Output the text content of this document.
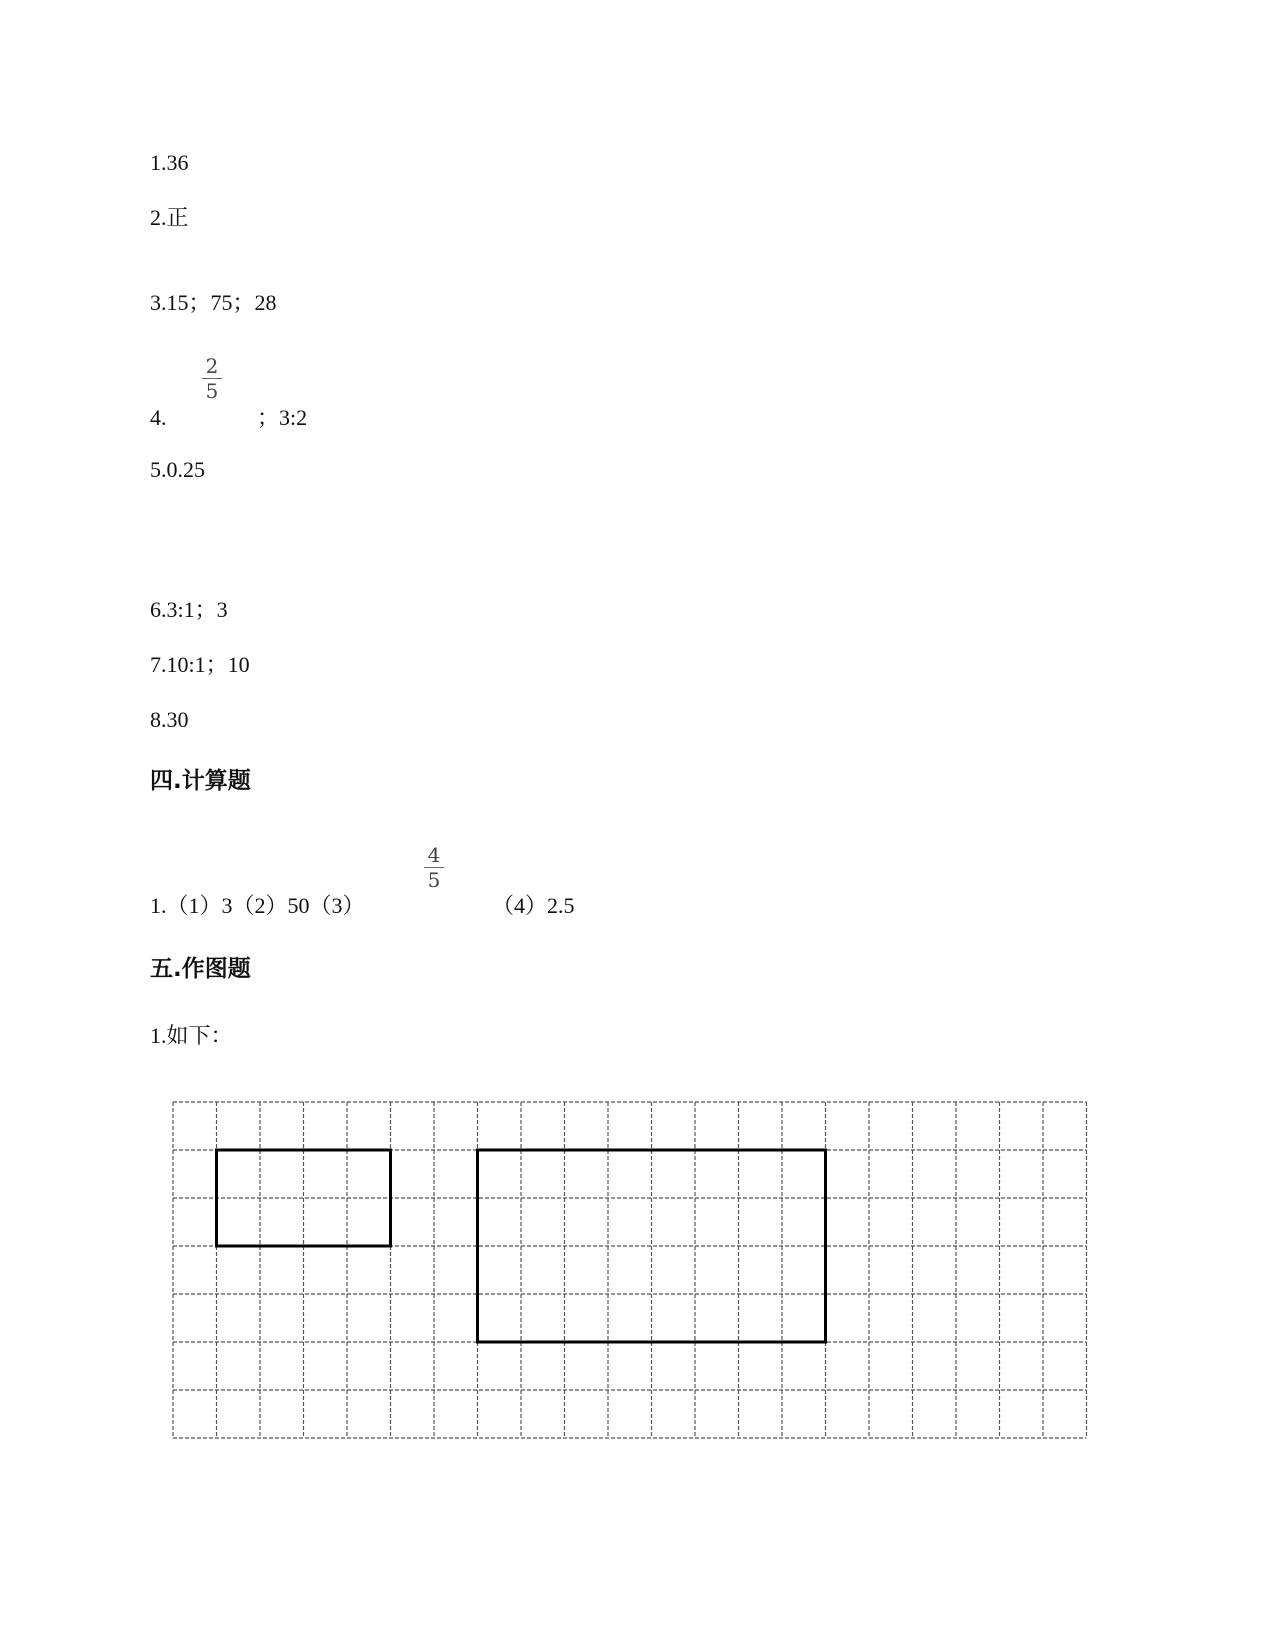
1.36
2.正
3.15；75；28
4.
2
5
；3:2
5.0.25
6.3:1；3
7.10:1；10
8.30
四.计算题
1.（1）3（2）50（3）
4
5
（4）2.5
五.作图题
1.如下：
